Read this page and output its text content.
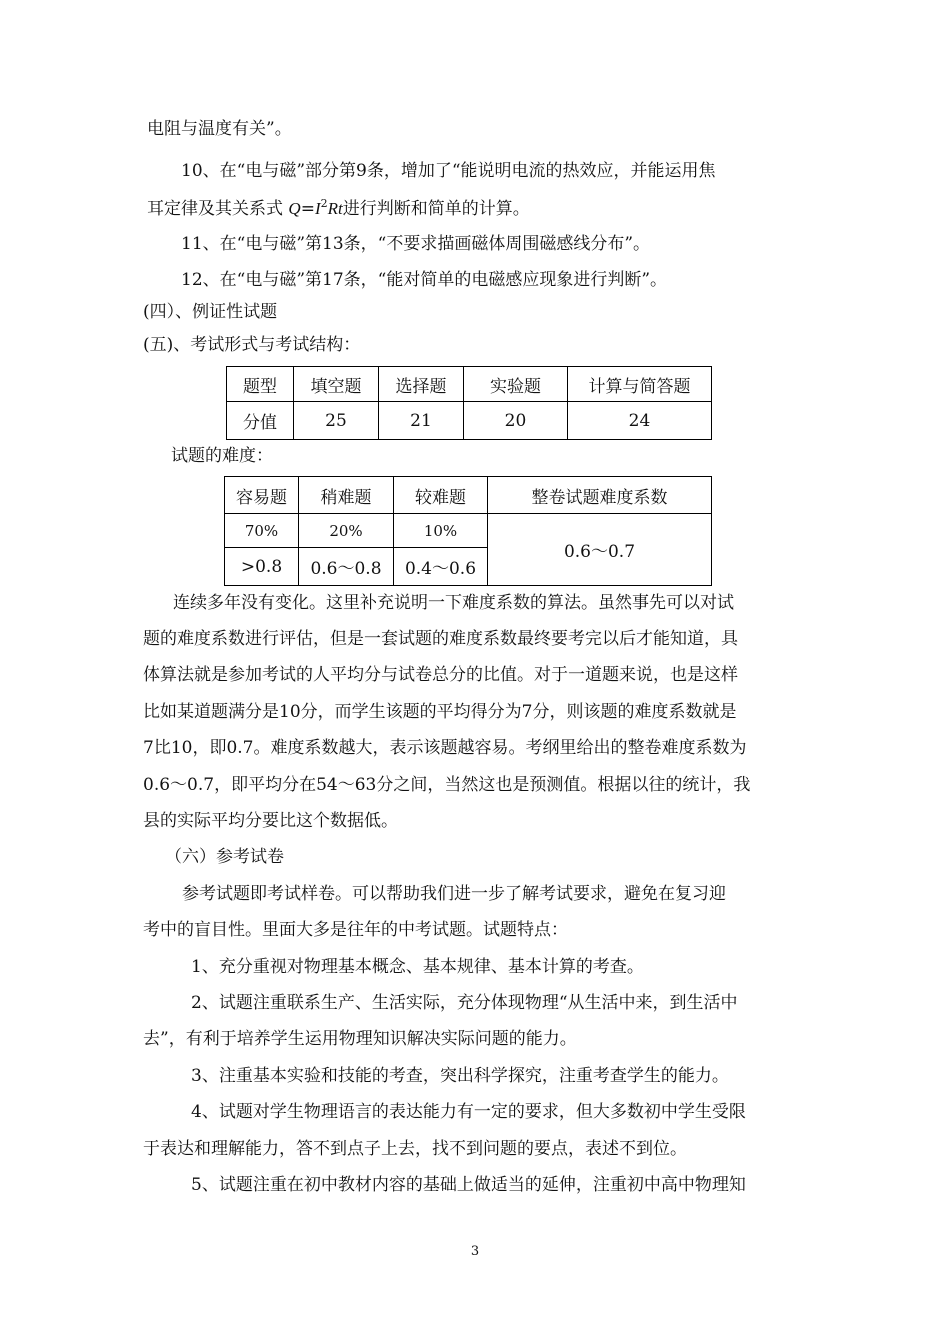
电阻与温度有关”。
10、在“电与磁”部分第9条，增加了“能说明电流的热效应，并能运用焦
耳定律及其关系式 $Q=I^2Rt$进行判断和简单的计算。
11、在“电与磁”第13条，“不要求描画磁体周围磁感线分布”。
12、在“电与磁”第17条，“能对简单的电磁感应现象进行判断”。
(四）、例证性试题
(五)、考试形式与考试结构：
题型	填空题	选择题	实验题	计算与简答题
分值	25	21	20	24
试题的难度：
容易题	稍难题	较难题	整卷试题难度系数
70%	20%	10%	0.6～0.7
>0.8	0.6～0.8	0.4～0.6	
连续多年没有变化。这里补充说明一下难度系数的算法。虽然事先可以对试
题的难度系数进行评估，但是一套试题的难度系数最终要考完以后才能知道，具
体算法就是参加考试的人平均分与试卷总分的比值。对于一道题来说，也是这样
比如某道题满分是10分，而学生该题的平均得分为7分，则该题的难度系数就是
7比10，即0.7。难度系数越大，表示该题越容易。考纲里给出的整卷难度系数为
0.6～0.7，即平均分在54～63分之间，当然这也是预测值。根据以往的统计，我
县的实际平均分要比这个数据低。
（六）参考试卷
参考试题即考试样卷。可以帮助我们进一步了解考试要求，避免在复习迎
考中的盲目性。里面大多是往年的中考试题。试题特点：
1、充分重视对物理基本概念、基本规律、基本计算的考查。
2、试题注重联系生产、生活实际，充分体现物理“从生活中来，到生活中
去”，有利于培养学生运用物理知识解决实际问题的能力。
3、注重基本实验和技能的考查，突出科学探究，注重考查学生的能力。
4、试题对学生物理语言的表达能力有一定的要求，但大多数初中学生受限
于表达和理解能力，答不到点子上去，找不到问题的要点，表述不到位。
5、试题注重在初中教材内容的基础上做适当的延伸，注重初中高中物理知
3
